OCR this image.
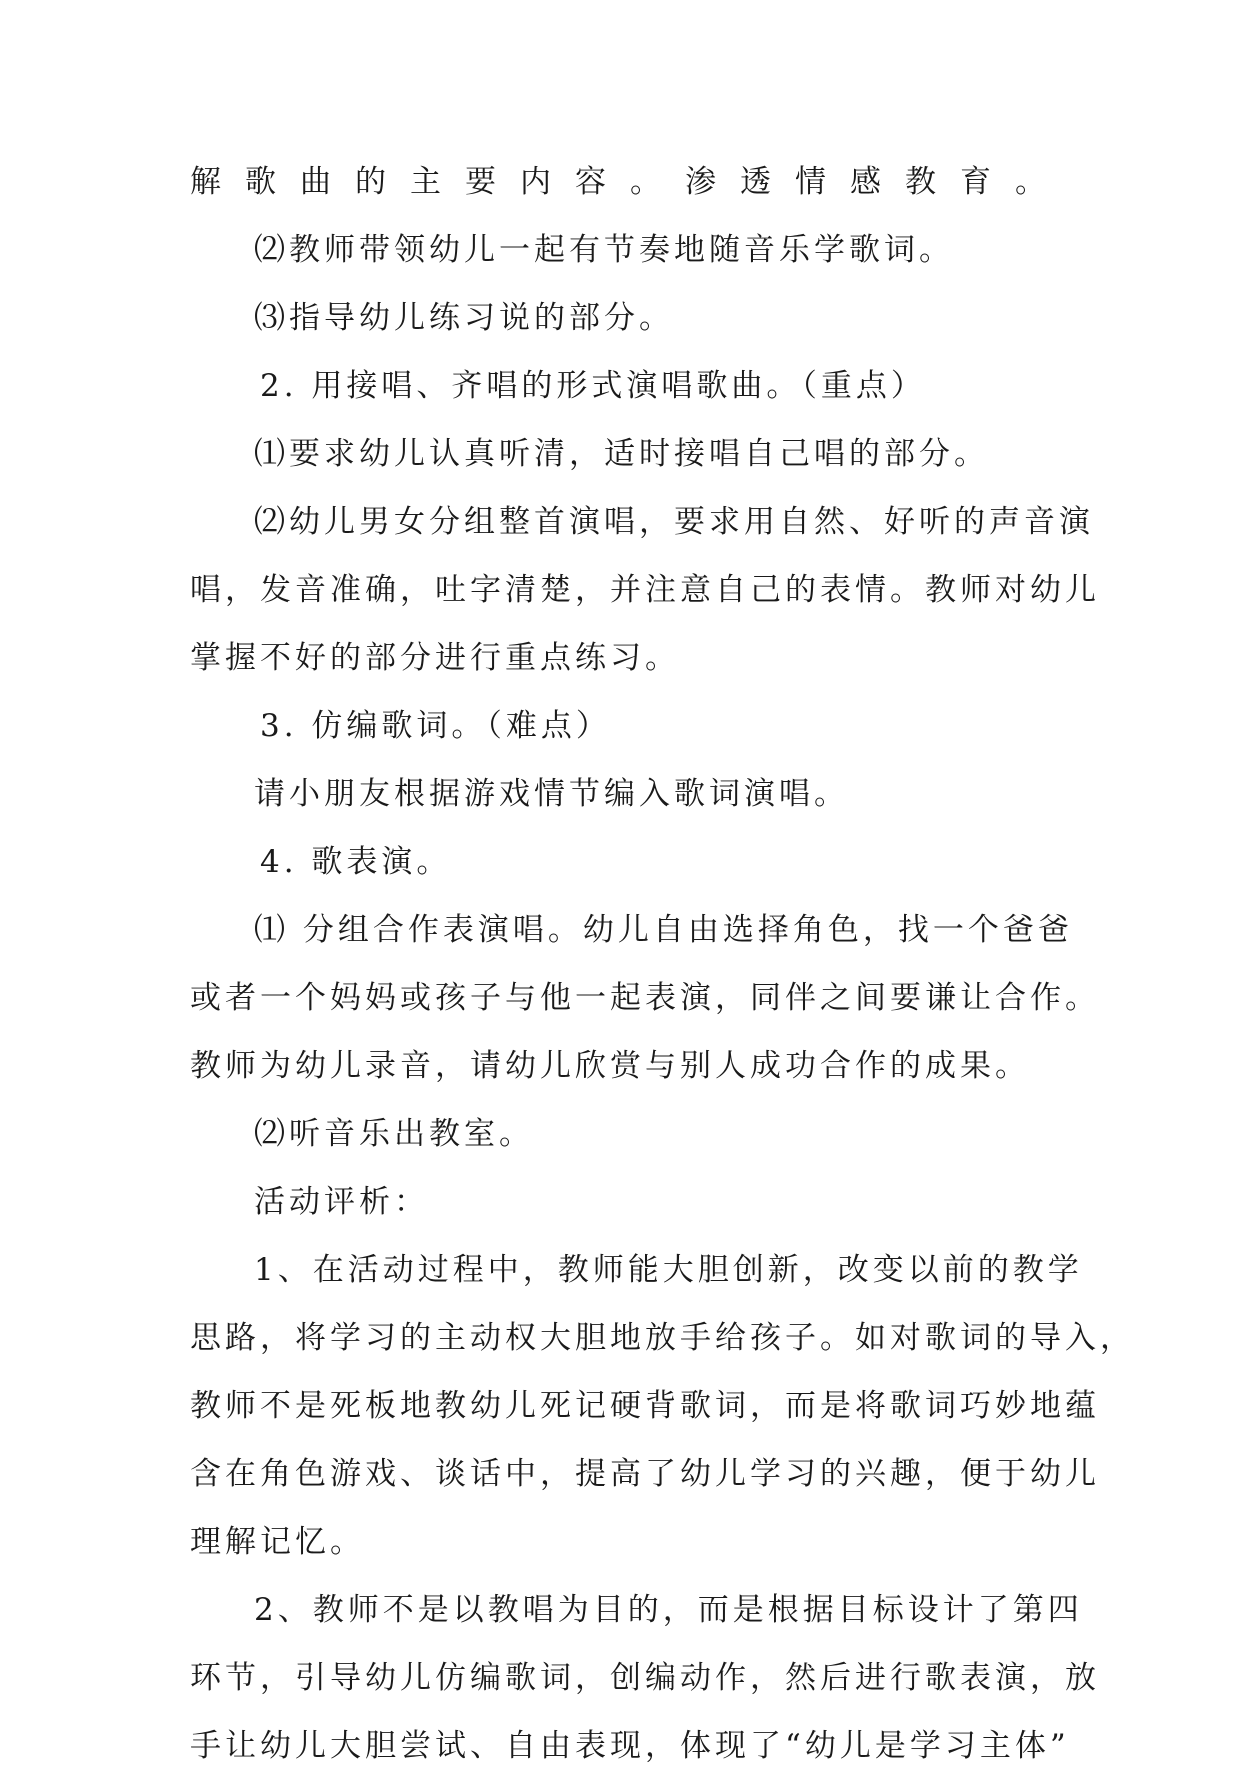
解歌曲的主要内容。渗透情感教育。
⑵教师带领幼儿一起有节奏地随音乐学歌词。
⑶指导幼儿练习说的部分。
2. 用接唱、齐唱的形式演唱歌曲。（重点）
⑴要求幼儿认真听清，适时接唱自己唱的部分。
⑵幼儿男女分组整首演唱，要求用自然、好听的声音演
唱，发音准确，吐字清楚，并注意自己的表情。教师对幼儿
掌握不好的部分进行重点练习。
3. 仿编歌词。（难点）
请小朋友根据游戏情节编入歌词演唱。
4. 歌表演。
⑴ 分组合作表演唱。幼儿自由选择角色，找一个爸爸
或者一个妈妈或孩子与他一起表演，同伴之间要谦让合作。
教师为幼儿录音，请幼儿欣赏与别人成功合作的成果。
⑵听音乐出教室。
活动评析：
1、在活动过程中，教师能大胆创新，改变以前的教学
思路，将学习的主动权大胆地放手给孩子。如对歌词的导入，
教师不是死板地教幼儿死记硬背歌词，而是将歌词巧妙地蕴
含在角色游戏、谈话中，提高了幼儿学习的兴趣，便于幼儿
理解记忆。
2、教师不是以教唱为目的，而是根据目标设计了第四
环节，引导幼儿仿编歌词，创编动作，然后进行歌表演，放
手让幼儿大胆尝试、自由表现，体现了“幼儿是学习主体”
